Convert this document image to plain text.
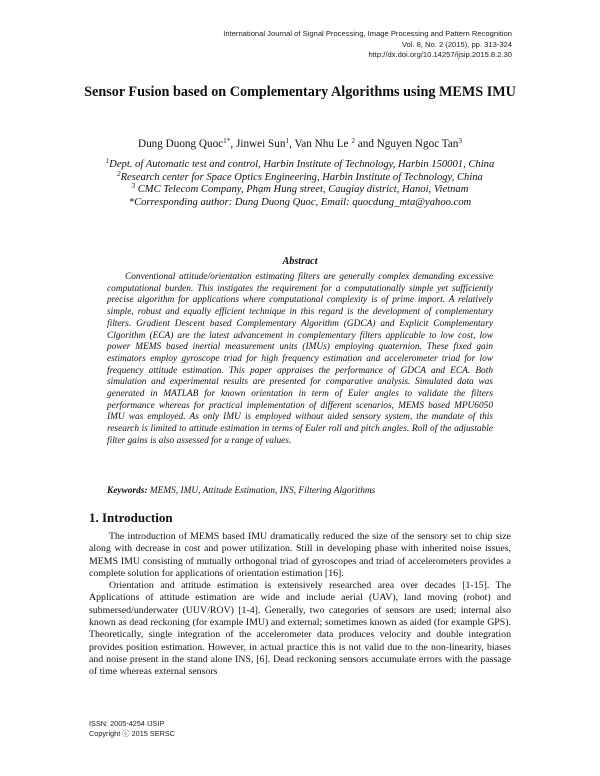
International Journal of Signal Processing, Image Processing and Pattern Recognition
Vol. 8, No. 2 (2015), pp. 313-324
http://dx.doi.org/10.14257/ijsip.2015.8.2.30
Sensor Fusion based on Complementary Algorithms using MEMS IMU
Dung Duong Quoc$^{1*}$, Jinwei Sun$^1$, Van Nhu Le $^2$ and Nguyen Ngoc Tan$^3$
$^1$Dept. of Automatic test and control, Harbin Institute of Technology, Harbin 150001, China
$^2$Research center for Space Optics Engineering, Harbin Institute of Technology, China
$^3$ CMC Telecom Company, Phạm Hung street, Caugiay district, Hanoi, Vietnam
*Corresponding author: Dung Duong Quoc, Email: quocdung_mta@yahoo.com
Abstract
Conventional attitude/orientation estimating filters are generally complex demanding excessive computational burden. This instigates the requirement for a computationally simple yet sufficiently precise algorithm for applications where computational complexity is of prime import. A relatively simple, robust and equally efficient technique in this regard is the development of complementary filters. Gradient Descent based Complementary Algorithm (GDCA) and Explicit Complementary Clgorithm (ECA) are the latest advancement in complementary filters applicable to low cost, low power MEMS based inertial measurement units (IMUs) employing quaternion. These fixed gain estimators employ gyroscope triad for high frequency estimation and accelerometer triad for low frequency attitude estimation. This paper appraises the performance of GDCA and ECA. Both simulation and experimental results are presented for comparative analysis. Simulated data was generated in MATLAB for known orientation in term of Euler angles to validate the filters performance whereas for practical implementation of different scenarios, MEMS based MPU6050 IMU was employed. As only IMU is employed without aided sensory system, the mandate of this research is limited to attitude estimation in terms of Euler roll and pitch angles. Roll of the adjustable filter gains is also assessed for a range of values.
Keywords: MEMS, IMU, Attitude Estimation, INS, Filtering Algorithms
1. Introduction

The introduction of MEMS based IMU dramatically reduced the size of the sensory set to chip size along with decrease in cost and power utilization. Still in developing phase with inherited noise issues, MEMS IMU consisting of mutually orthogonal triad of gyroscopes and triad of accelerometers provides a complete solution for applications of orientation estimation [16].

Orientation and attitude estimation is extensively researched area over decades [1-15]. The Applications of attitude estimation are wide and include aerial (UAV), land moving (robot) and submersed/underwater (UUV/ROV) [1-4]. Generally, two categories of sensors are used; internal also known as dead reckoning (for example IMU) and external; sometimes known as aided (for example GPS). Theoretically, single integration of the accelerometer data produces velocity and double integration provides position estimation. However, in actual practice this is not valid due to the non-linearity, biases and noise present in the stand alone INS, [6]. Dead reckoning sensors accumulate errors with the passage of time whereas external sensors

ISSN: 2005-4254 IJSIP
Copyright ⓒ 2015 SERSC
